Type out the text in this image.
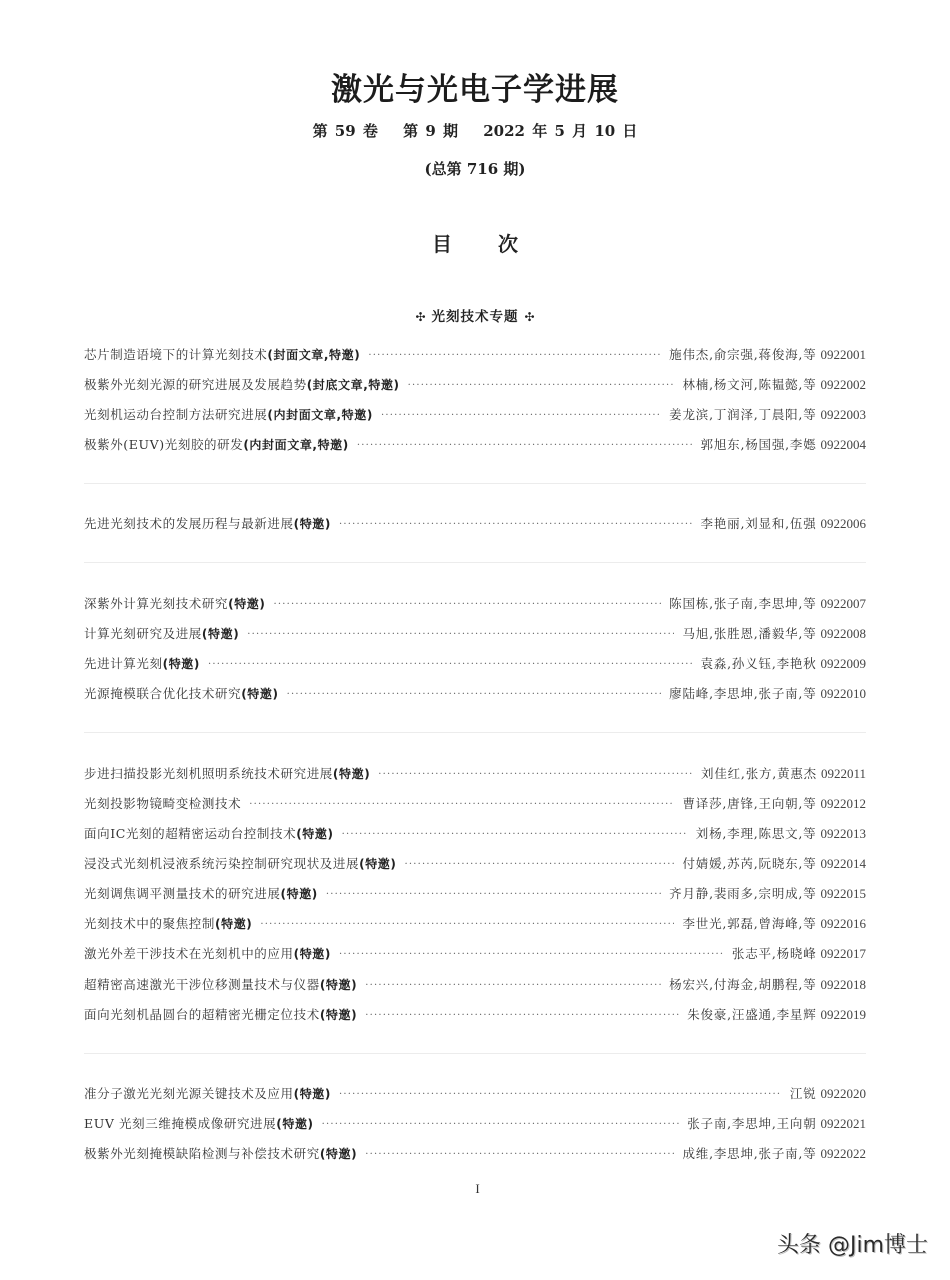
激光与光电子学进展
第 59 卷 第 9 期 2022 年 5 月 10 日
(总第 716 期)
目次
✣ 光刻技术专题 ✣
芯片制造语境下的计算光刻技术(封面文章,特邀) ·····	施伟杰,俞宗强,蒋俊海,等 0922001
极紫外光刻光源的研究进展及发展趋势(封底文章,特邀) ·····	林楠,杨文河,陈韫懿,等 0922002
光刻机运动台控制方法研究进展(内封面文章,特邀) ·····	姜龙滨,丁润泽,丁晨阳,等 0922003
极紫外(EUV)光刻胶的研发(内封面文章,特邀) ·····	郭旭东,杨国强,李嫕 0922004
先进光刻技术的发展历程与最新进展(特邀) ·····	李艳丽,刘显和,伍强 0922006
深紫外计算光刻技术研究(特邀) ·····	陈国栋,张子南,李思坤,等 0922007
计算光刻研究及进展(特邀) ·····	马旭,张胜恩,潘毅华,等 0922008
先进计算光刻(特邀) ·····	袁淼,孙义钰,李艳秋 0922009
光源掩模联合优化技术研究(特邀) ·····	廖陆峰,李思坤,张子南,等 0922010
步进扫描投影光刻机照明系统技术研究进展(特邀) ·····	刘佳红,张方,黄惠杰 0922011
光刻投影物镜畸变检测技术 ·····	曹译莎,唐锋,王向朝,等 0922012
面向IC光刻的超精密运动台控制技术(特邀) ·····	刘杨,李理,陈思文,等 0922013
浸没式光刻机浸液系统污染控制研究现状及进展(特邀) ·····	付婧媛,苏芮,阮晓东,等 0922014
光刻调焦调平测量技术的研究进展(特邀) ·····	齐月静,裴雨多,宗明成,等 0922015
光刻技术中的聚焦控制(特邀) ·····	李世光,郭磊,曾海峰,等 0922016
激光外差干涉技术在光刻机中的应用(特邀) ·····	张志平,杨晓峰 0922017
超精密高速激光干涉位移测量技术与仪器(特邀) ·····	杨宏兴,付海金,胡鹏程,等 0922018
面向光刻机晶圆台的超精密光栅定位技术(特邀) ·····	朱俊豪,汪盛通,李星辉 0922019
准分子激光光刻光源关键技术及应用(特邀) ·····	江锐 0922020
EUV 光刻三维掩模成像研究进展(特邀) ·····	张子南,李思坤,王向朝 0922021
极紫外光刻掩模缺陷检测与补偿技术研究(特邀) ·····	成维,李思坤,张子南,等 0922022
I
头条 @Jim博士
